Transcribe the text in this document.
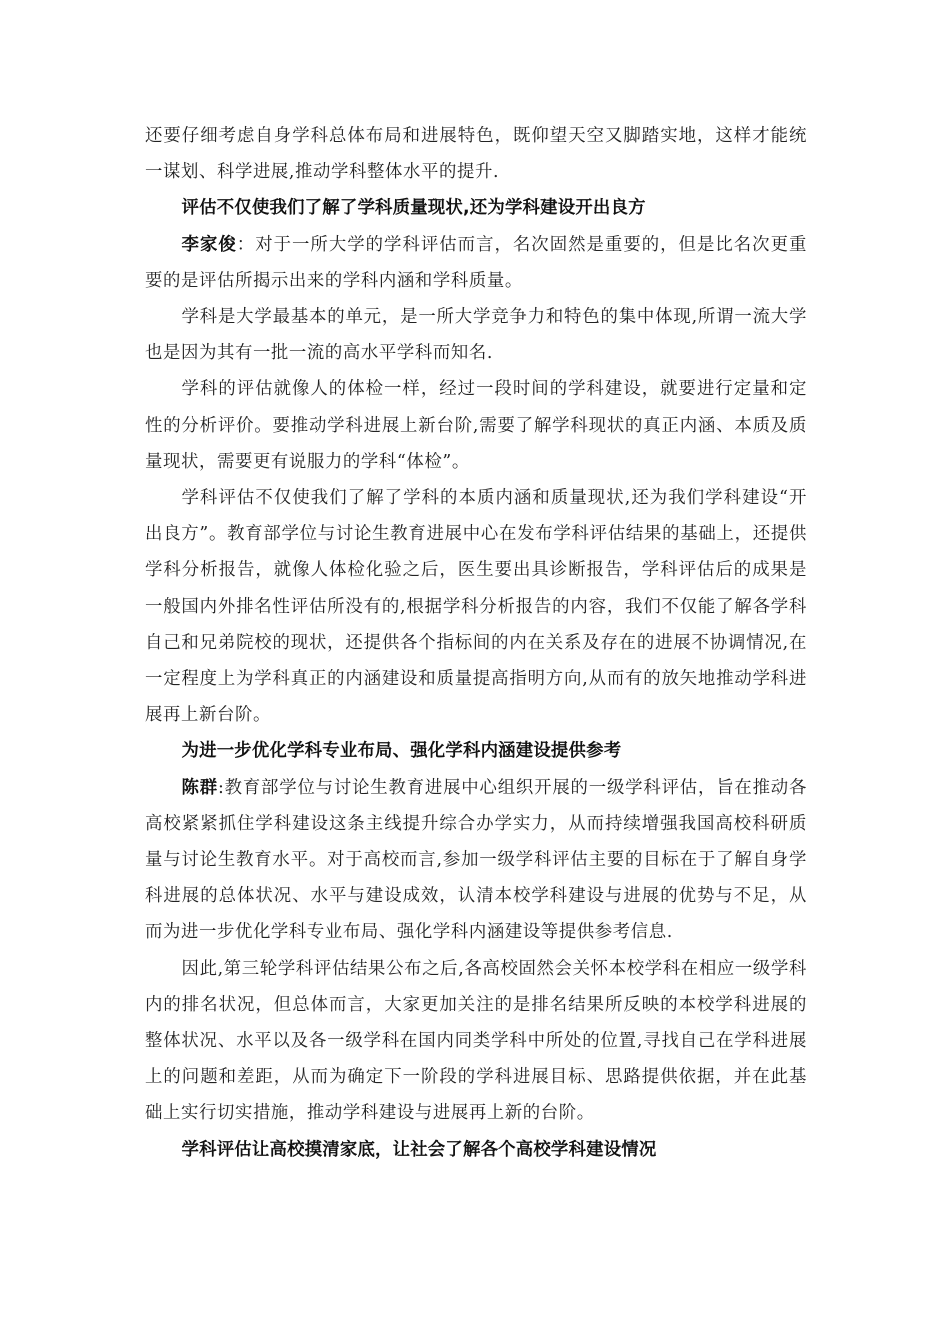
还要仔细考虑自身学科总体布局和进展特色，既仰望天空又脚踏实地，这样才能统一谋划、科学进展,推动学科整体水平的提升.

评估不仅使我们了解了学科质量现状,还为学科建设开出良方

李家俊：对于一所大学的学科评估而言，名次固然是重要的，但是比名次更重要的是评估所揭示出来的学科内涵和学科质量。

学科是大学最基本的单元，是一所大学竞争力和特色的集中体现,所谓一流大学也是因为其有一批一流的高水平学科而知名.

学科的评估就像人的体检一样，经过一段时间的学科建设，就要进行定量和定性的分析评价。要推动学科进展上新台阶,需要了解学科现状的真正内涵、本质及质量现状，需要更有说服力的学科“体检”。

学科评估不仅使我们了解了学科的本质内涵和质量现状,还为我们学科建设“开出良方”。教育部学位与讨论生教育进展中心在发布学科评估结果的基础上，还提供学科分析报告，就像人体检化验之后，医生要出具诊断报告，学科评估后的成果是一般国内外排名性评估所没有的,根据学科分析报告的内容，我们不仅能了解各学科自己和兄弟院校的现状，还提供各个指标间的内在关系及存在的进展不协调情况,在一定程度上为学科真正的内涵建设和质量提高指明方向,从而有的放矢地推动学科进展再上新台阶。

为进一步优化学科专业布局、强化学科内涵建设提供参考

陈群:教育部学位与讨论生教育进展中心组织开展的一级学科评估，旨在推动各高校紧紧抓住学科建设这条主线提升综合办学实力，从而持续增强我国高校科研质量与讨论生教育水平。对于高校而言,参加一级学科评估主要的目标在于了解自身学科进展的总体状况、水平与建设成效，认清本校学科建设与进展的优势与不足，从而为进一步优化学科专业布局、强化学科内涵建设等提供参考信息.

因此,第三轮学科评估结果公布之后,各高校固然会关怀本校学科在相应一级学科内的排名状况，但总体而言，大家更加关注的是排名结果所反映的本校学科进展的整体状况、水平以及各一级学科在国内同类学科中所处的位置,寻找自己在学科进展上的问题和差距，从而为确定下一阶段的学科进展目标、思路提供依据，并在此基础上实行切实措施，推动学科建设与进展再上新的台阶。

学科评估让高校摸清家底，让社会了解各个高校学科建设情况
